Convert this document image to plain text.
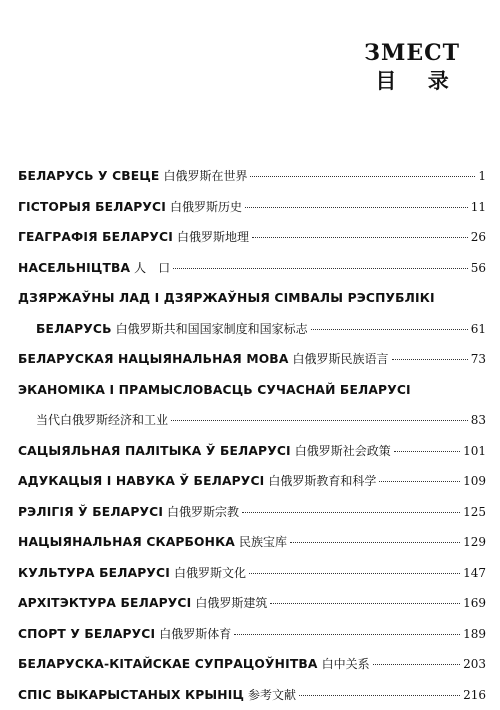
ЗМЕСТ
目 录
БЕЛАРУСЬ У СВЕЦЕ 白俄罗斯在世界	1
ГІСТОРЫЯ БЕЛАРУСІ 白俄罗斯历史	11
ГЕАГРАФІЯ БЕЛАРУСІ 白俄罗斯地理	26
НАСЕЛЬНІЦТВА 人　口	56
ДЗЯРЖАЎНЫ ЛАД І ДЗЯРЖАЎНЫЯ СІМВАЛЫ РЭСПУБЛІКІ
БЕЛАРУСЬ 白俄罗斯共和国国家制度和国家标志	61
БЕЛАРУСКАЯ НАЦЫЯНАЛЬНАЯ МОВА 白俄罗斯民族语言	73
ЭКАНОМІКА І ПРАМЫСЛОВАСЦЬ СУЧАСНАЙ БЕЛАРУСІ
当代白俄罗斯经济和工业	83
САЦЫЯЛЬНАЯ ПАЛІТЫКА Ў БЕЛАРУСІ 白俄罗斯社会政策	101
АДУКАЦЫЯ І НАВУКА Ў БЕЛАРУСІ 白俄罗斯教育和科学	109
РЭЛІГІЯ Ў БЕЛАРУСІ 白俄罗斯宗教	125
НАЦЫЯНАЛЬНАЯ СКАРБОНКА 民族宝库	129
КУЛЬТУРА БЕЛАРУСІ 白俄罗斯文化	147
АРХІТЭКТУРА БЕЛАРУСІ 白俄罗斯建筑	169
СПОРТ У БЕЛАРУСІ 白俄罗斯体育	189
БЕЛАРУСКА-КІТАЙСКАЕ СУПРАЦОЎНІТВА 白中关系	203
СПІС ВЫКАРЫСТАНЫХ КРЫНІЦ 参考文献	216
